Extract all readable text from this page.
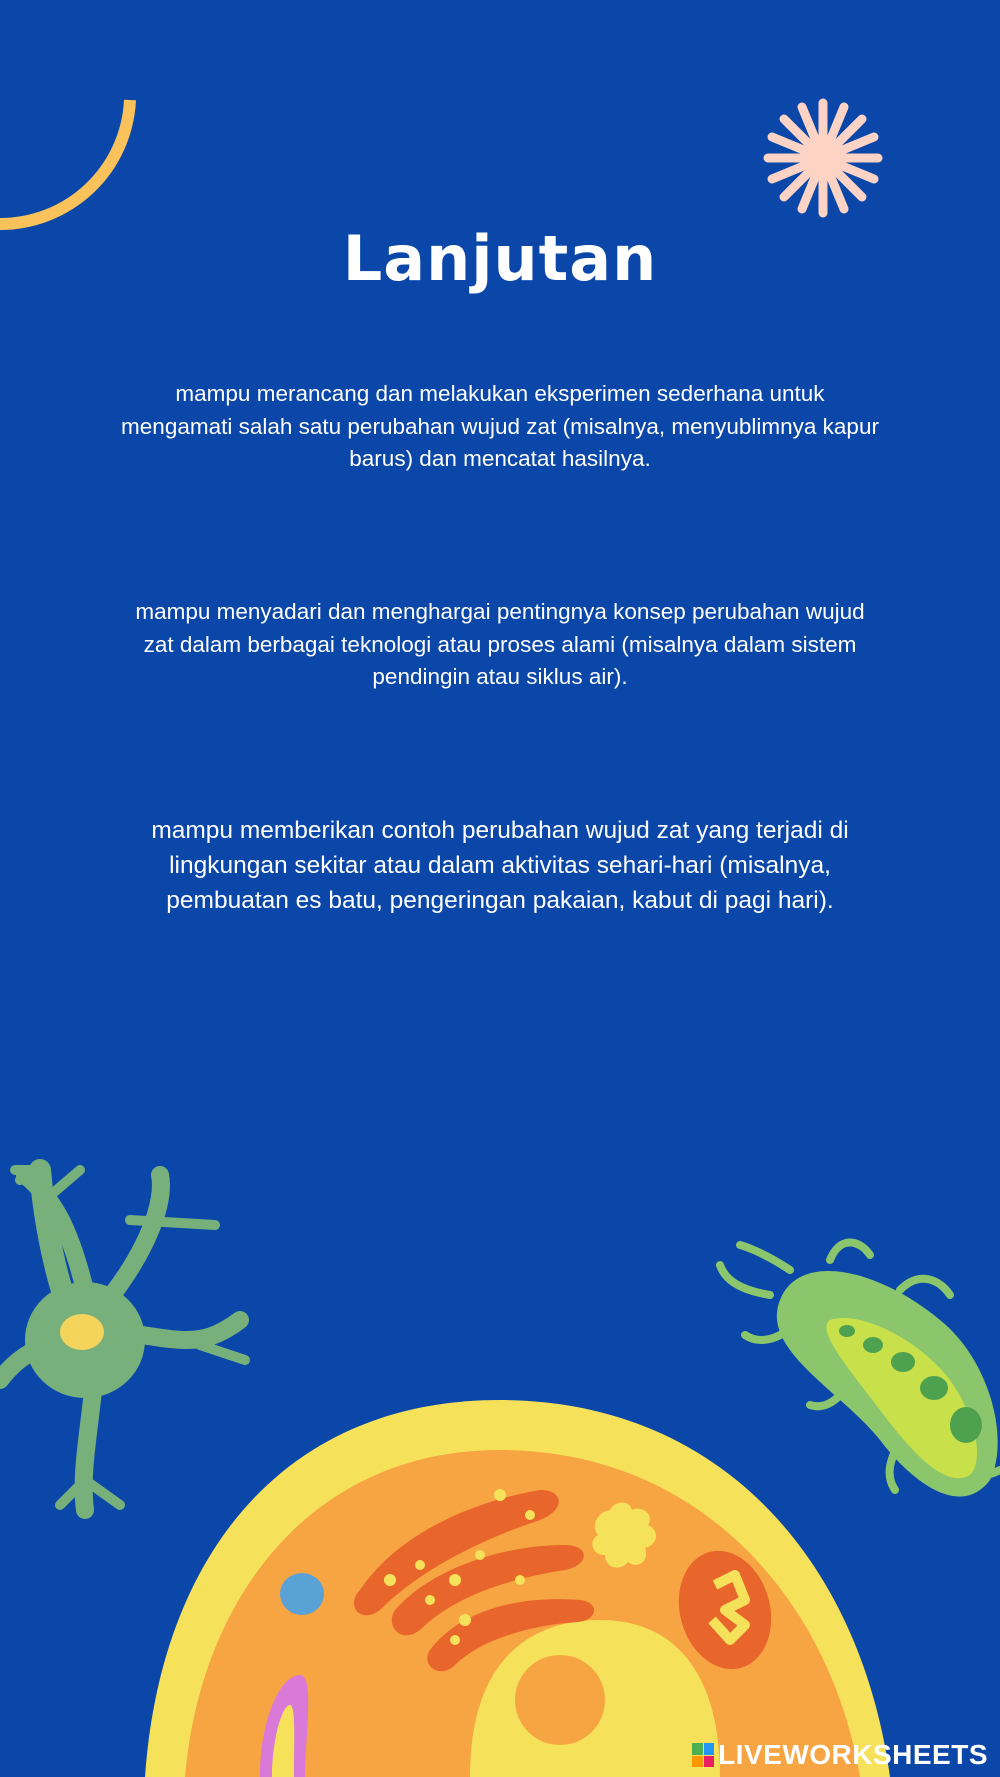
Lanjutan

mampu merancang dan melakukan eksperimen sederhana untuk mengamati salah satu perubahan wujud zat (misalnya, menyublimnya kapur barus) dan mencatat hasilnya.

mampu menyadari dan menghargai pentingnya konsep perubahan wujud zat dalam berbagai teknologi atau proses alami (misalnya dalam sistem pendingin atau siklus air).

mampu memberikan contoh perubahan wujud zat yang terjadi di lingkungan sekitar atau dalam aktivitas sehari-hari (misalnya, pembuatan es batu, pengeringan pakaian, kabut di pagi hari).

LIVEWORKSHEETS
